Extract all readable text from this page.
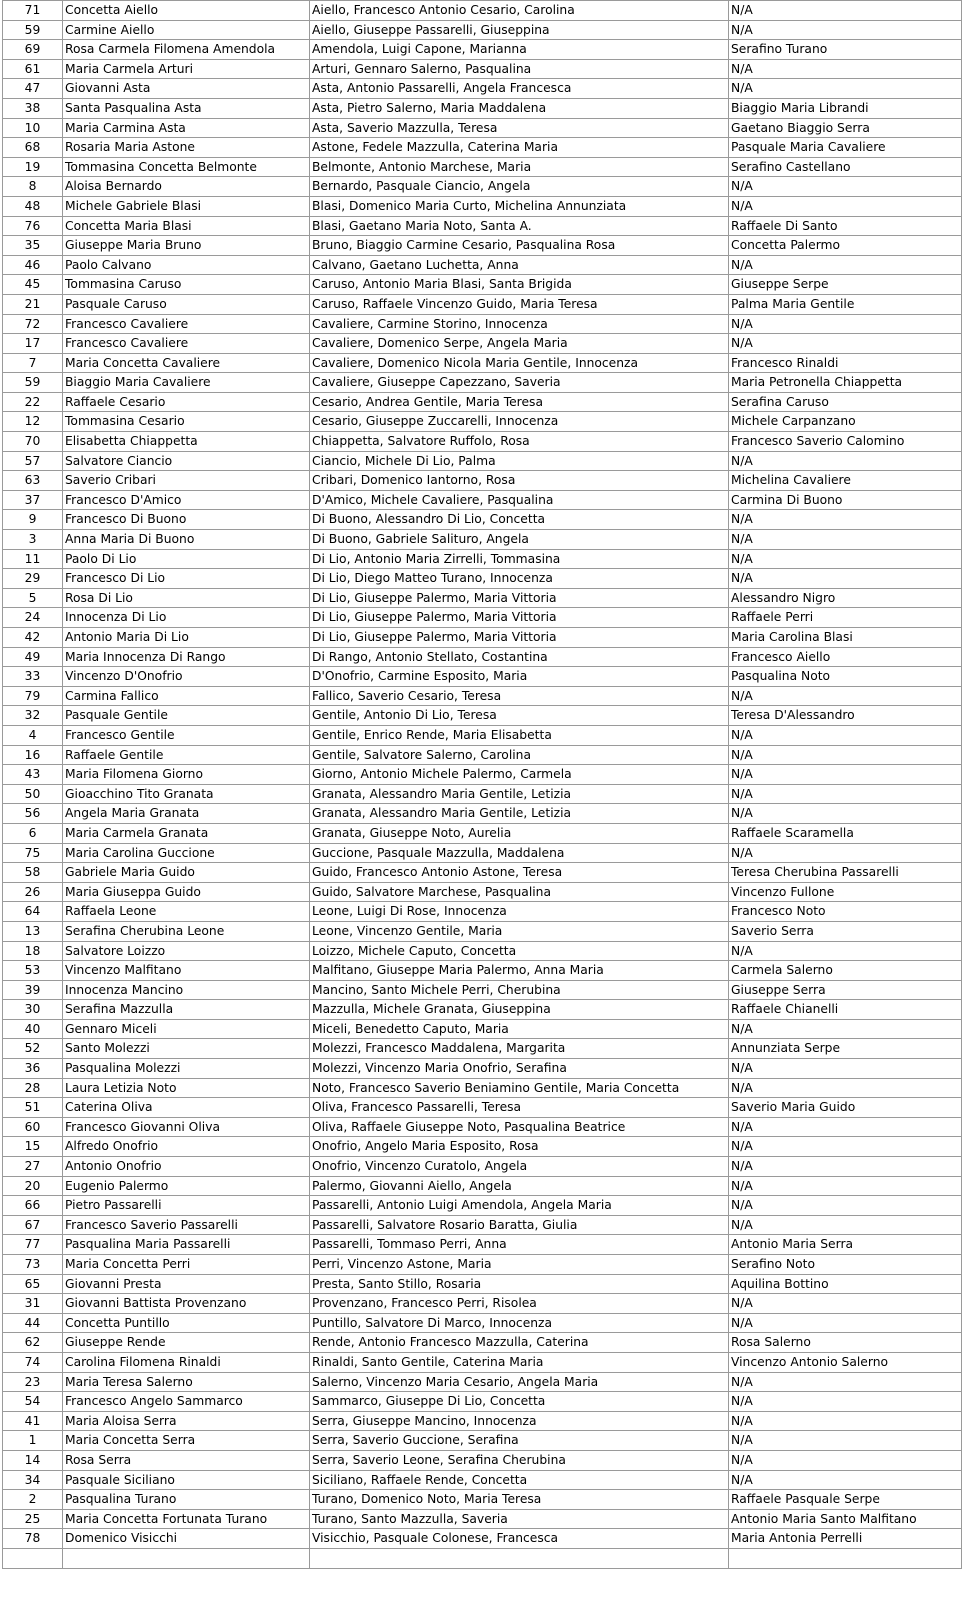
71	Concetta Aiello	Aiello, Francesco Antonio Cesario, Carolina	N/A
59	Carmine Aiello	Aiello, Giuseppe Passarelli, Giuseppina	N/A
69	Rosa Carmela Filomena Amendola	Amendola, Luigi Capone, Marianna	Serafino Turano
61	Maria Carmela Arturi	Arturi, Gennaro Salerno, Pasqualina	N/A
47	Giovanni Asta	Asta, Antonio Passarelli, Angela Francesca	N/A
38	Santa Pasqualina Asta	Asta, Pietro Salerno, Maria Maddalena	Biaggio Maria Librandi
10	Maria Carmina Asta	Asta, Saverio Mazzulla, Teresa	Gaetano Biaggio Serra
68	Rosaria Maria Astone	Astone, Fedele Mazzulla, Caterina Maria	Pasquale Maria Cavaliere
19	Tommasina Concetta Belmonte	Belmonte, Antonio Marchese, Maria	Serafino Castellano
8	Aloisa Bernardo	Bernardo, Pasquale Ciancio, Angela	N/A
48	Michele Gabriele Blasi	Blasi, Domenico Maria Curto, Michelina Annunziata	N/A
76	Concetta Maria Blasi	Blasi, Gaetano Maria Noto, Santa A.	Raffaele Di Santo
35	Giuseppe Maria Bruno	Bruno, Biaggio Carmine Cesario, Pasqualina Rosa	Concetta Palermo
46	Paolo Calvano	Calvano, Gaetano Luchetta, Anna	N/A
45	Tommasina Caruso	Caruso, Antonio Maria Blasi, Santa Brigida	Giuseppe Serpe
21	Pasquale Caruso	Caruso, Raffaele Vincenzo Guido, Maria Teresa	Palma Maria Gentile
72	Francesco Cavaliere	Cavaliere, Carmine Storino, Innocenza	N/A
17	Francesco Cavaliere	Cavaliere, Domenico Serpe, Angela Maria	N/A
7	Maria Concetta Cavaliere	Cavaliere, Domenico Nicola Maria Gentile, Innocenza	Francesco Rinaldi
59	Biaggio Maria Cavaliere	Cavaliere, Giuseppe Capezzano, Saveria	Maria Petronella Chiappetta
22	Raffaele Cesario	Cesario, Andrea Gentile, Maria Teresa	Serafina Caruso
12	Tommasina Cesario	Cesario, Giuseppe Zuccarelli, Innocenza	Michele Carpanzano
70	Elisabetta Chiappetta	Chiappetta, Salvatore Ruffolo, Rosa	Francesco Saverio Calomino
57	Salvatore Ciancio	Ciancio, Michele Di Lio, Palma	N/A
63	Saverio Cribari	Cribari, Domenico Iantorno, Rosa	Michelina Cavaliere
37	Francesco D'Amico	D'Amico, Michele Cavaliere, Pasqualina	Carmina Di Buono
9	Francesco Di Buono	Di Buono, Alessandro Di Lio, Concetta	N/A
3	Anna Maria Di Buono	Di Buono, Gabriele Salituro, Angela	N/A
11	Paolo Di Lio	Di Lio, Antonio Maria Zirrelli, Tommasina	N/A
29	Francesco Di Lio	Di Lio, Diego Matteo Turano, Innocenza	N/A
5	Rosa Di Lio	Di Lio, Giuseppe Palermo, Maria Vittoria	Alessandro Nigro
24	Innocenza Di Lio	Di Lio, Giuseppe Palermo, Maria Vittoria	Raffaele Perri
42	Antonio Maria Di Lio	Di Lio, Giuseppe Palermo, Maria Vittoria	Maria Carolina Blasi
49	Maria Innocenza Di Rango	Di Rango, Antonio Stellato, Costantina	Francesco Aiello
33	Vincenzo D'Onofrio	D'Onofrio, Carmine Esposito, Maria	Pasqualina Noto
79	Carmina Fallico	Fallico, Saverio Cesario, Teresa	N/A
32	Pasquale Gentile	Gentile, Antonio Di Lio, Teresa	Teresa D'Alessandro
4	Francesco Gentile	Gentile, Enrico Rende, Maria Elisabetta	N/A
16	Raffaele Gentile	Gentile, Salvatore Salerno, Carolina	N/A
43	Maria Filomena Giorno	Giorno, Antonio Michele Palermo, Carmela	N/A
50	Gioacchino Tito Granata	Granata, Alessandro Maria Gentile, Letizia	N/A
56	Angela Maria Granata	Granata, Alessandro Maria Gentile, Letizia	N/A
6	Maria Carmela Granata	Granata, Giuseppe Noto, Aurelia	Raffaele Scaramella
75	Maria Carolina Guccione	Guccione, Pasquale Mazzulla, Maddalena	N/A
58	Gabriele Maria Guido	Guido, Francesco Antonio Astone, Teresa	Teresa Cherubina Passarelli
26	Maria Giuseppa Guido	Guido, Salvatore Marchese, Pasqualina	Vincenzo Fullone
64	Raffaela Leone	Leone, Luigi Di Rose, Innocenza	Francesco Noto
13	Serafina Cherubina Leone	Leone, Vincenzo Gentile, Maria	Saverio Serra
18	Salvatore Loizzo	Loizzo, Michele Caputo, Concetta	N/A
53	Vincenzo Malfitano	Malfitano, Giuseppe Maria Palermo, Anna Maria	Carmela Salerno
39	Innocenza Mancino	Mancino, Santo Michele Perri, Cherubina	Giuseppe Serra
30	Serafina Mazzulla	Mazzulla, Michele Granata, Giuseppina	Raffaele Chianelli
40	Gennaro Miceli	Miceli, Benedetto Caputo, Maria	N/A
52	Santo Molezzi	Molezzi, Francesco Maddalena, Margarita	Annunziata Serpe
36	Pasqualina Molezzi	Molezzi, Vincenzo Maria Onofrio, Serafina	N/A
28	Laura Letizia Noto	Noto, Francesco Saverio Beniamino Gentile, Maria Concetta	N/A
51	Caterina Oliva	Oliva, Francesco Passarelli, Teresa	Saverio Maria Guido
60	Francesco Giovanni Oliva	Oliva, Raffaele Giuseppe Noto, Pasqualina Beatrice	N/A
15	Alfredo Onofrio	Onofrio, Angelo Maria Esposito, Rosa	N/A
27	Antonio Onofrio	Onofrio, Vincenzo Curatolo, Angela	N/A
20	Eugenio Palermo	Palermo, Giovanni Aiello, Angela	N/A
66	Pietro Passarelli	Passarelli, Antonio Luigi Amendola, Angela Maria	N/A
67	Francesco Saverio Passarelli	Passarelli, Salvatore Rosario Baratta, Giulia	N/A
77	Pasqualina Maria Passarelli	Passarelli, Tommaso Perri, Anna	Antonio Maria Serra
73	Maria Concetta Perri	Perri, Vincenzo Astone, Maria	Serafino Noto
65	Giovanni Presta	Presta, Santo Stillo, Rosaria	Aquilina Bottino
31	Giovanni Battista Provenzano	Provenzano, Francesco Perri, Risolea	N/A
44	Concetta Puntillo	Puntillo, Salvatore Di Marco, Innocenza	N/A
62	Giuseppe Rende	Rende, Antonio Francesco Mazzulla, Caterina	Rosa Salerno
74	Carolina Filomena Rinaldi	Rinaldi, Santo Gentile, Caterina Maria	Vincenzo Antonio Salerno
23	Maria Teresa Salerno	Salerno, Vincenzo Maria Cesario, Angela Maria	N/A
54	Francesco Angelo Sammarco	Sammarco, Giuseppe Di Lio, Concetta	N/A
41	Maria Aloisa Serra	Serra, Giuseppe Mancino, Innocenza	N/A
1	Maria Concetta Serra	Serra, Saverio Guccione, Serafina	N/A
14	Rosa Serra	Serra, Saverio Leone, Serafina Cherubina	N/A
34	Pasquale Siciliano	Siciliano, Raffaele Rende, Concetta	N/A
2	Pasqualina Turano	Turano, Domenico Noto, Maria Teresa	Raffaele Pasquale Serpe
25	Maria Concetta Fortunata Turano	Turano, Santo Mazzulla, Saveria	Antonio Maria Santo Malfitano
78	Domenico Visicchi	Visicchio, Pasquale Colonese, Francesca	Maria Antonia Perrelli
